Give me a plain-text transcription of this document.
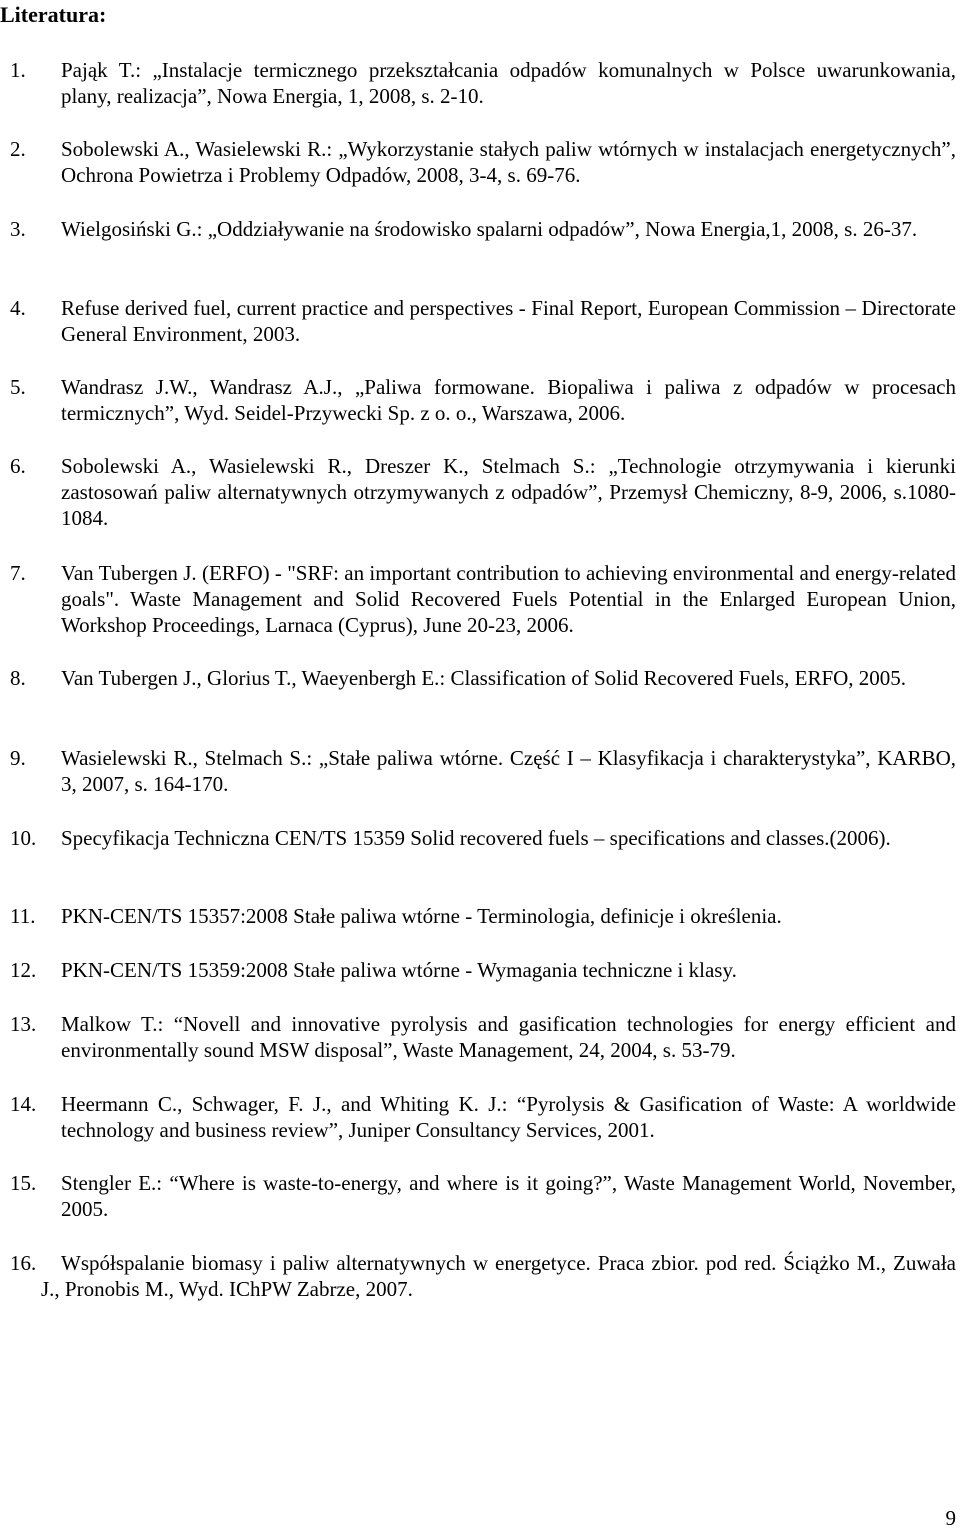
Literatura:
1. Pająk T.: „Instalacje termicznego przekształcania odpadów komunalnych w Polsce uwarunkowania, plany, realizacja”, Nowa Energia, 1, 2008, s. 2-10.
2. Sobolewski A., Wasielewski R.: „Wykorzystanie stałych paliw wtórnych w instalacjach energetycznych”, Ochrona Powietrza i Problemy Odpadów, 2008, 3-4, s. 69-76.
3. Wielgosiński G.: „Oddziaływanie na środowisko spalarni odpadów”, Nowa Energia,1, 2008, s. 26-37.
4. Refuse derived fuel, current practice and perspectives - Final Report, European Commission – Directorate General Environment, 2003.
5. Wandrasz J.W., Wandrasz A.J., „Paliwa formowane. Biopaliwa i paliwa z odpadów w procesach termicznych”, Wyd. Seidel-Przywecki Sp. z o. o., Warszawa, 2006.
6. Sobolewski A., Wasielewski R., Dreszer K., Stelmach S.: „Technologie otrzymywania i kierunki zastosowań paliw alternatywnych otrzymywanych z odpadów”, Przemysł Chemiczny, 8-9, 2006, s.1080-1084.
7. Van Tubergen J. (ERFO) - "SRF: an important contribution to achieving environmental and energy-related goals". Waste Management and Solid Recovered Fuels Potential in the Enlarged European Union, Workshop Proceedings, Larnaca (Cyprus), June 20-23, 2006.
8. Van Tubergen J., Glorius T., Waeyenbergh E.: Classification of Solid Recovered Fuels, ERFO, 2005.
9. Wasielewski R., Stelmach S.: „Stałe paliwa wtórne. Część I – Klasyfikacja i charakterystyka”, KARBO, 3, 2007, s. 164-170.
10. Specyfikacja Techniczna CEN/TS 15359 Solid recovered fuels – specifications and classes.(2006).
11. PKN-CEN/TS 15357:2008 Stałe paliwa wtórne - Terminologia, definicje i określenia.
12. PKN-CEN/TS 15359:2008 Stałe paliwa wtórne - Wymagania techniczne i klasy.
13. Malkow T.: “Novell and innovative pyrolysis and gasification technologies for energy efficient and environmentally sound MSW disposal”, Waste Management, 24, 2004, s. 53-79.
14. Heermann C., Schwager, F. J., and Whiting K. J.: “Pyrolysis & Gasification of Waste: A worldwide technology and business review”, Juniper Consultancy Services, 2001.
15. Stengler E.: “Where is waste-to-energy, and where is it going?”, Waste Management World, November, 2005.
16.	Współspalanie biomasy i paliw alternatywnych w energetyce. Praca zbior. pod red. Ściążko M., Zuwała J., Pronobis M., Wyd. IChPW Zabrze, 2007.
9
